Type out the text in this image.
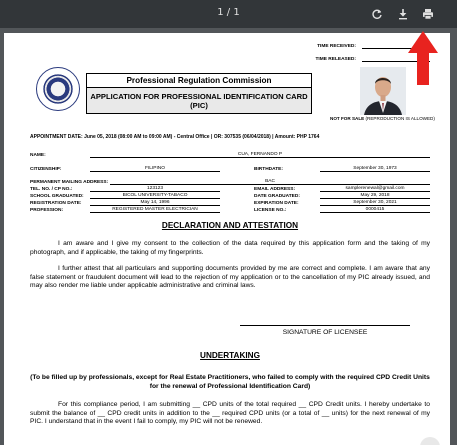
1 / 1
TIME RECEIVED:
TIME RELEASED:
Professional Regulation Commission
APPLICATION FOR PROFESSIONAL IDENTIFICATION CARD (PIC)
NOT FOR SALE (REPRODUCTION IS ALLOWED)
APPOINTMENT DATE: June 05, 2018 (08:00 AM to 09:00 AM) - Central Office | OR: 307535 (06/04/2018) | Amount: PHP 1764
NAME:	CUA, FERNANDO P
CITIZENSHIP:	FILIPINO	BIRTHDATE:	September 30, 1973
PERMANENT MAILING ADDRESS:	BAC
TEL. NO. / CP NO.:	123123	EMAIL ADDRESS:	samplerenewal@gmail.com
SCHOOL GRADUATED:	BICOL UNIVERSITY-TABACO	DATE GRADUATED:	May 29, 2018
REGISTRATION DATE:	May 14, 1996	EXPIRATION DATE:	September 30, 2021
PROFESSION:	REGISTERED MASTER ELECTRICIAN	LICENSE NO.:	0000415
DECLARATION AND ATTESTATION
I am aware and I give my consent to the collection of the data required by this application form and the taking of my photograph, and if applicable, the taking of my fingerprints.
I further attest that all particulars and supporting documents provided by me are correct and complete. I am aware that any false statement or fraudulent document will lead to the rejection of my application or to the cancellation of my PIC already issued, and may also render me liable under applicable administrative and criminal laws.
SIGNATURE OF LICENSEE
UNDERTAKING
(To be filled up by professionals, except for Real Estate Practitioners, who failed to comply with the required CPD Credit Units for the renewal of Professional Identification Card)
For this compliance period, I am submitting __ CPD units of the total required __ CPD Credit units. I hereby undertake to submit the balance of __ CPD credit units in addition to the __ required CPD units (or a total of __ units) for the next renewal of my PIC. I understand that in the event I fail to comply, my PIC will not be renewed.
